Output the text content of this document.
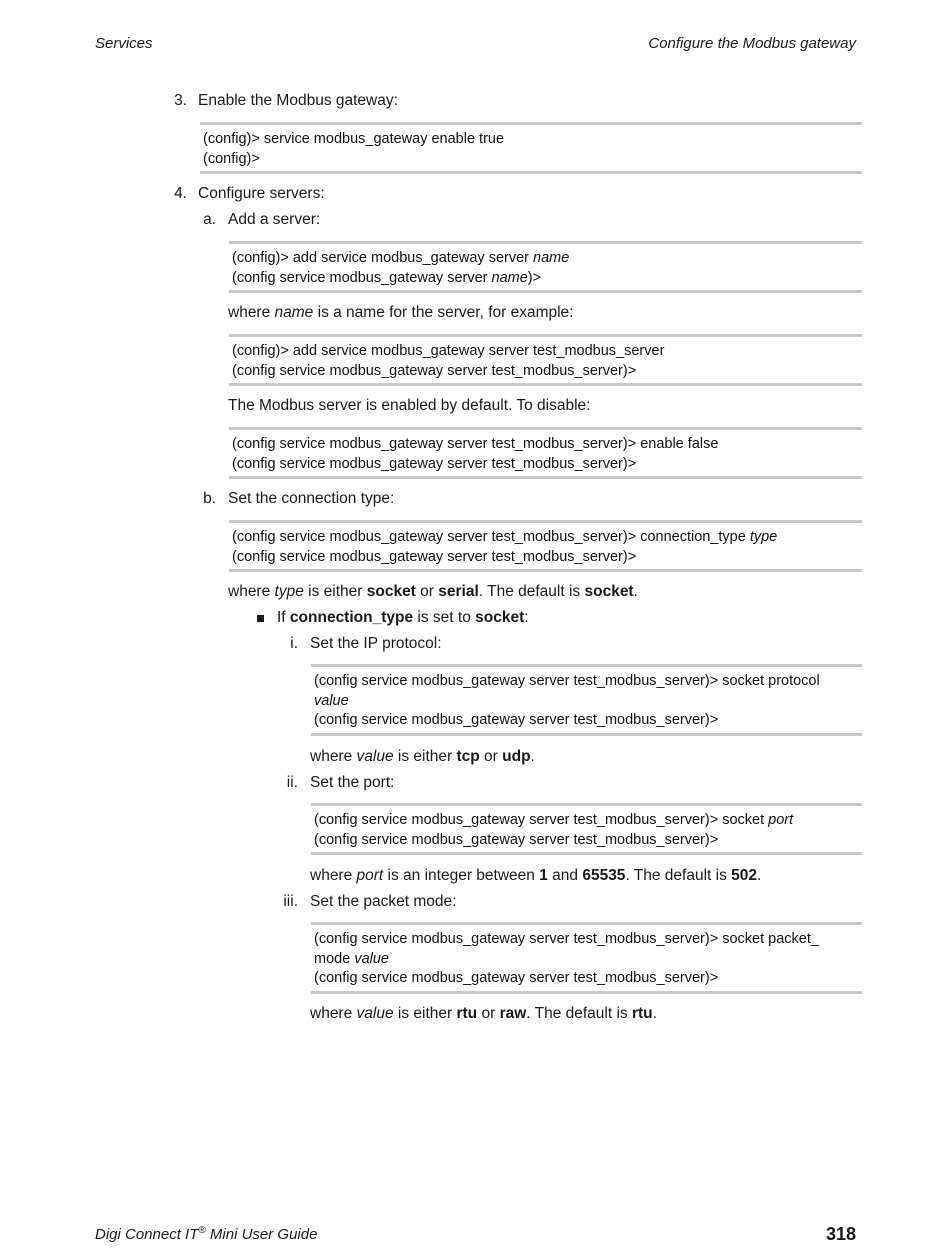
Services	Configure the Modbus gateway
3. Enable the Modbus gateway:
(config)> service modbus_gateway enable true
(config)>
4. Configure servers:
a. Add a server:
(config)> add service modbus_gateway server name
(config service modbus_gateway server name)>
where name is a name for the server, for example:
(config)> add service modbus_gateway server test_modbus_server
(config service modbus_gateway server test_modbus_server)>
The Modbus server is enabled by default. To disable:
(config service modbus_gateway server test_modbus_server)> enable false
(config service modbus_gateway server test_modbus_server)>
b. Set the connection type:
(config service modbus_gateway server test_modbus_server)> connection_type type
(config service modbus_gateway server test_modbus_server)>
where type is either socket or serial. The default is socket.
If connection_type is set to socket:
i. Set the IP protocol:
(config service modbus_gateway server test_modbus_server)> socket protocol
value
(config service modbus_gateway server test_modbus_server)>
where value is either tcp or udp.
ii. Set the port:
(config service modbus_gateway server test_modbus_server)> socket port
(config service modbus_gateway server test_modbus_server)>
where port is an integer between 1 and 65535. The default is 502.
iii. Set the packet mode:
(config service modbus_gateway server test_modbus_server)> socket packet_
mode value
(config service modbus_gateway server test_modbus_server)>
where value is either rtu or raw. The default is rtu.
Digi Connect IT® Mini User Guide	318
